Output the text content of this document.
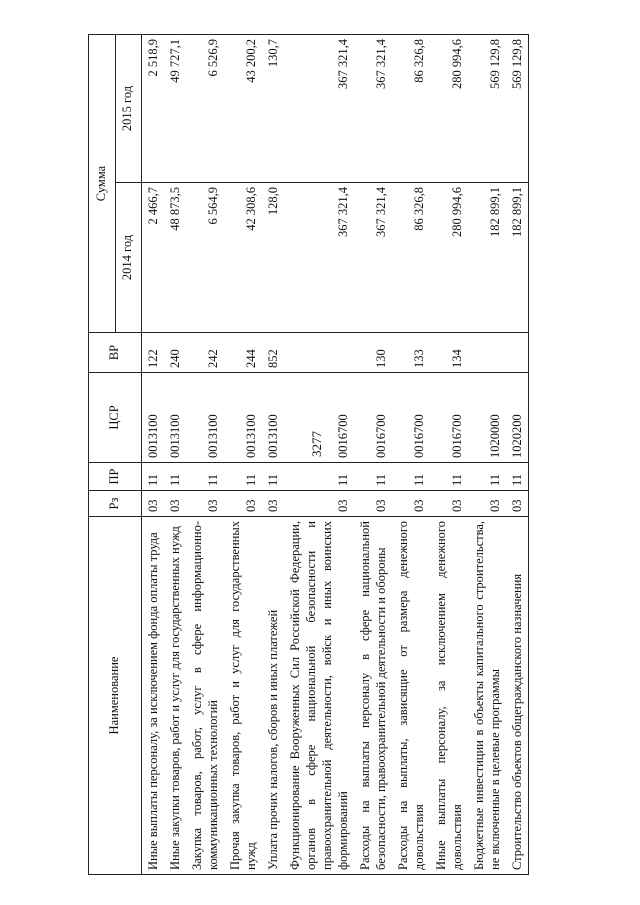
3277
Наименование	Рз	ПР	ЦСР	ВР	Сумма	
					2014 год	2015 год
Иные выплаты персоналу, за исключением фонда оплаты труда	03	11	0013100	122	2 466,7	2 518,9
Иные закупки товаров, работ и услуг для государственных нужд	03	11	0013100	240	48 873,5	49 727,1
Закупка товаров, работ, услуг в сфере информационно-коммуникационных технологий	03	11	0013100	242	6 564,9	6 526,9
Прочая закупка товаров, работ и услуг для государственных нужд	03	11	0013100	244	42 308,6	43 200,2
Уплата прочих налогов, сборов и иных платежей	03	11	0013100	852	128,0	130,7
Функционирование Вооруженных Сил Российской Федерации, органов в сфере национальной безопасности и правоохранительной деятельности, войск и иных воинских формирований	03	11	0016700		367 321,4	367 321,4
Расходы на выплаты персоналу в сфере национальной безопасности, правоохранительной деятельности и обороны	03	11	0016700	130	367 321,4	367 321,4
Расходы на выплаты, зависящие от размера денежного довольствия	03	11	0016700	133	86 326,8	86 326,8
Иные выплаты персоналу, за исключением денежного довольствия	03	11	0016700	134	280 994,6	280 994,6
Бюджетные инвестиции в объекты капитального строительства, не включенные в целевые программы	03	11	1020000		182 899,1	569 129,8
Строительство объектов общегражданского назначения	03	11	1020200		182 899,1	569 129,8
